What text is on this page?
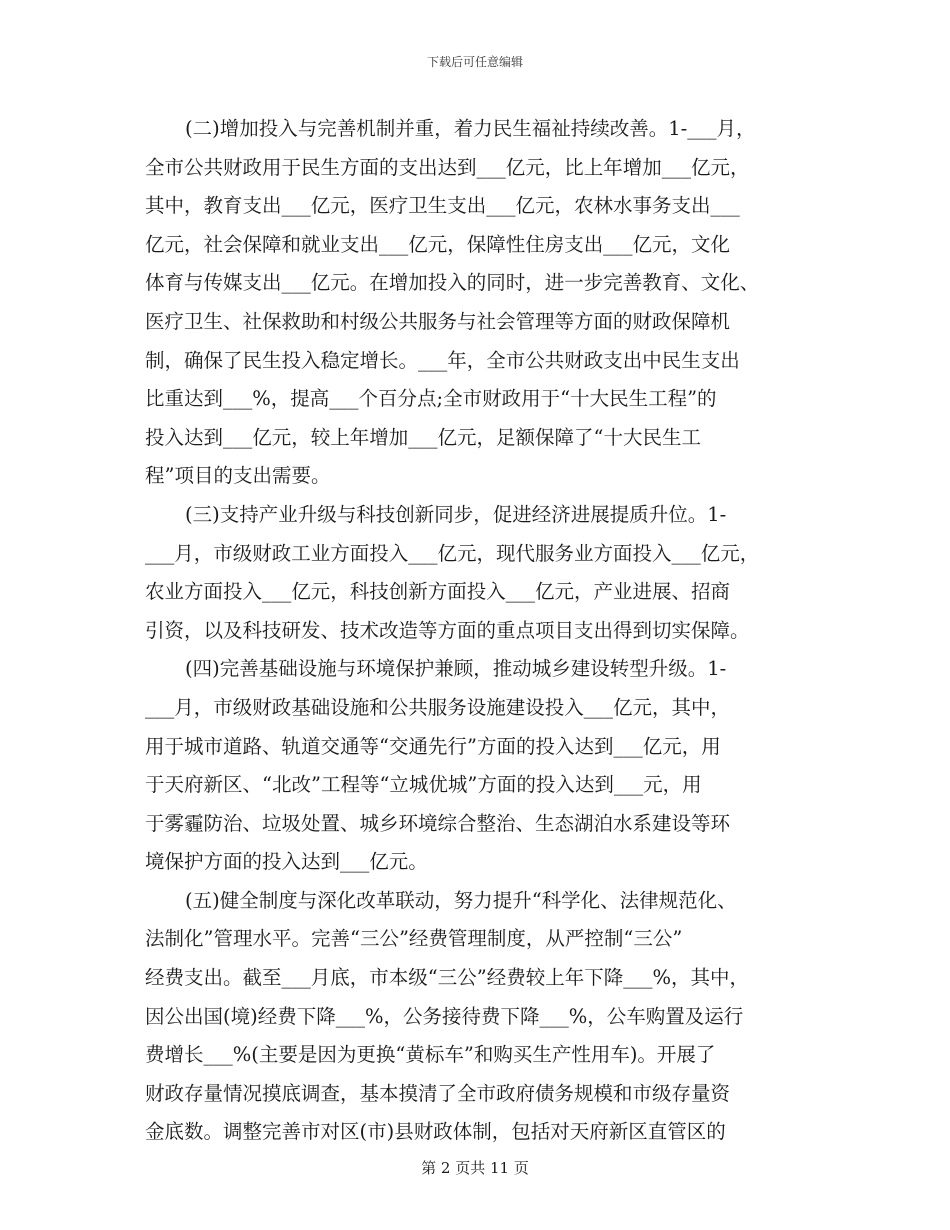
下载后可任意编辑
(二)增加投入与完善机制并重，着力民生福祉持续改善。1-___月，
全市公共财政用于民生方面的支出达到___亿元，比上年增加___亿元，
其中，教育支出___亿元，医疗卫生支出___亿元，农林水事务支出___
亿元，社会保障和就业支出___亿元，保障性住房支出___亿元，文化
体育与传媒支出___亿元。在增加投入的同时，进一步完善教育、文化、
医疗卫生、社保救助和村级公共服务与社会管理等方面的财政保障机
制，确保了民生投入稳定增长。___年，全市公共财政支出中民生支出
比重达到___%，提高___个百分点;全市财政用于“十大民生工程”的
投入达到___亿元，较上年增加___亿元，足额保障了“十大民生工
程”项目的支出需要。
(三)支持产业升级与科技创新同步，促进经济进展提质升位。1-
___月，市级财政工业方面投入___亿元，现代服务业方面投入___亿元，
农业方面投入___亿元，科技创新方面投入___亿元，产业进展、招商
引资，以及科技研发、技术改造等方面的重点项目支出得到切实保障。
(四)完善基础设施与环境保护兼顾，推动城乡建设转型升级。1-
___月，市级财政基础设施和公共服务设施建设投入___亿元，其中，
用于城市道路、轨道交通等“交通先行”方面的投入达到___亿元，用
于天府新区、“北改”工程等“立城优城”方面的投入达到___元，用
于雾霾防治、垃圾处置、城乡环境综合整治、生态湖泊水系建设等环
境保护方面的投入达到___亿元。
(五)健全制度与深化改革联动，努力提升“科学化、法律规范化、
法制化”管理水平。完善“三公”经费管理制度，从严控制“三公”
经费支出。截至___月底，市本级“三公”经费较上年下降___%，其中，
因公出国(境)经费下降___%，公务接待费下降___%，公车购置及运行
费增长___%(主要是因为更换“黄标车”和购买生产性用车)。开展了
财政存量情况摸底调查，基本摸清了全市政府债务规模和市级存量资
金底数。调整完善市对区(市)县财政体制，包括对天府新区直管区的
第 2 页共 11 页
